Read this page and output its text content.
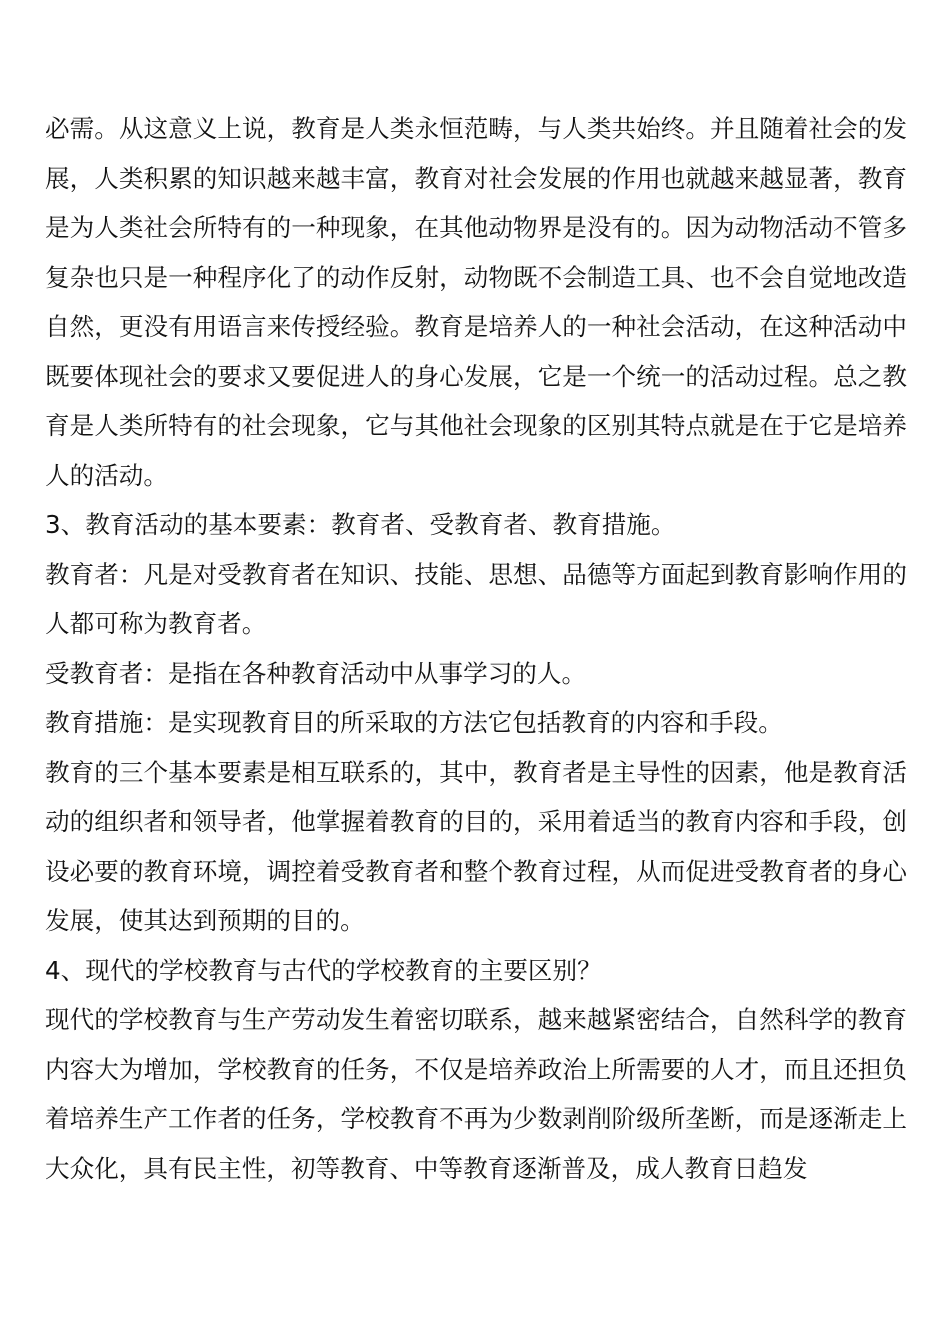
必需。从这意义上说，教育是人类永恒范畴，与人类共始终。并且随着社会的发展，人类积累的知识越来越丰富，教育对社会发展的作用也就越来越显著，教育是为人类社会所特有的一种现象，在其他动物界是没有的。因为动物活动不管多复杂也只是一种程序化了的动作反射，动物既不会制造工具、也不会自觉地改造自然，更没有用语言来传授经验。教育是培养人的一种社会活动，在这种活动中既要体现社会的要求又要促进人的身心发展，它是一个统一的活动过程。总之教育是人类所特有的社会现象，它与其他社会现象的区别其特点就是在于它是培养人的活动。

3、教育活动的基本要素：教育者、受教育者、教育措施。

教育者：凡是对受教育者在知识、技能、思想、品德等方面起到教育影响作用的人都可称为教育者。

受教育者：是指在各种教育活动中从事学习的人。

教育措施：是实现教育目的所采取的方法它包括教育的内容和手段。

教育的三个基本要素是相互联系的，其中，教育者是主导性的因素，他是教育活动的组织者和领导者，他掌握着教育的目的，采用着适当的教育内容和手段，创设必要的教育环境，调控着受教育者和整个教育过程，从而促进受教育者的身心发展，使其达到预期的目的。

4、现代的学校教育与古代的学校教育的主要区别？

现代的学校教育与生产劳动发生着密切联系，越来越紧密结合，自然科学的教育内容大为增加，学校教育的任务，不仅是培养政治上所需要的人才，而且还担负着培养生产工作者的任务，学校教育不再为少数剥削阶级所垄断，而是逐渐走上大众化，具有民主性，初等教育、中等教育逐渐普及，成人教育日趋发
